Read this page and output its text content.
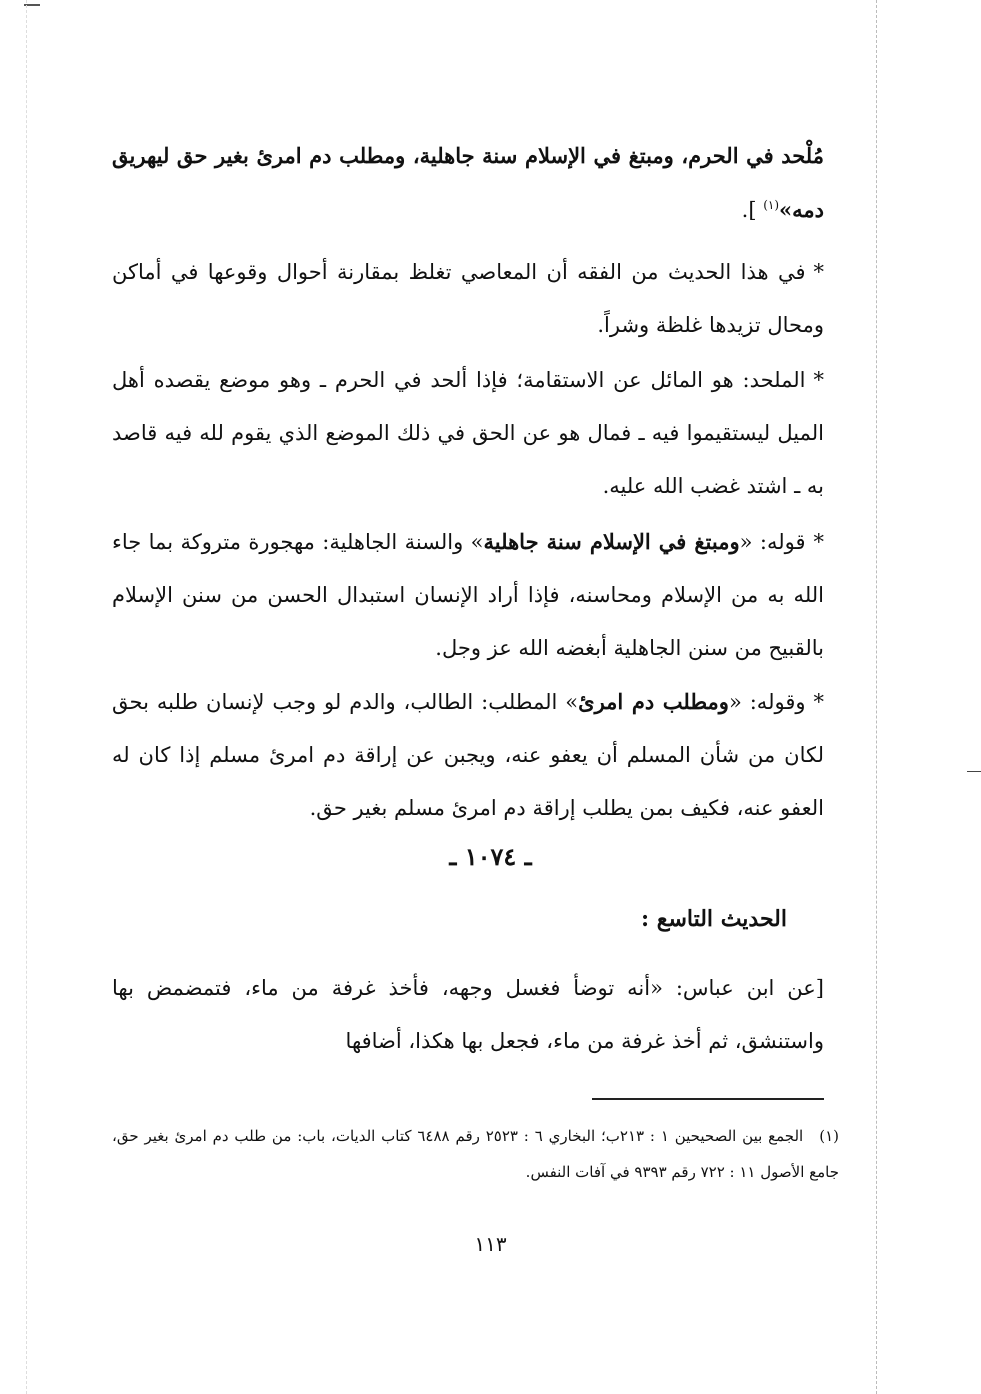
مُلْحد في الحرم، ومبتغ في الإسلام سنة جاهلية، ومطلب دم امرئ بغير حق ليهريق دمه»$^{(١)}$ ].
*في هذا الحديث من الفقه أن المعاصي تغلظ بمقارنة أحوال وقوعها في أماكن ومحال تزيدها غلظة وشراً.
*الملحد: هو المائل عن الاستقامة؛ فإذا ألحد في الحرم ـ وهو موضع يقصده أهل الميل ليستقيموا فيه ـ فمال هو عن الحق في ذلك الموضع الذي يقوم لله فيه قاصد به ـ اشتد غضب الله عليه.
*قوله: «ومبتغ في الإسلام سنة جاهلية» والسنة الجاهلية: مهجورة متروكة بما جاء الله به من الإسلام ومحاسنه، فإذا أراد الإنسان استبدال الحسن من سنن الإسلام بالقبيح من سنن الجاهلية أبغضه الله عز وجل.
*وقوله: «ومطلب دم امرئ» المطلب: الطالب، والدم لو وجب لإنسان طلبه بحق لكان من شأن المسلم أن يعفو عنه، ويجبن عن إراقة دم امرئ مسلم إذا كان له العفو عنه، فكيف بمن يطلب إراقة دم امرئ مسلم بغير حق.
ـ ١٠٧٤ ـ
الحديث التاسع :
[عن ابن عباس: «أنه توضأ فغسل وجهه، فأخذ غرفة من ماء، فتمضمض بها واستنشق، ثم أخذ غرفة من ماء، فجعل بها هكذا، أضافها
(١)الجمع بين الصحيحين ١ : ٢١٣ب؛ البخاري ٦ : ٢٥٢٣ رقم ٦٤٨٨ كتاب الديات، باب: من طلب دم امرئ بغير حق، جامع الأصول ١١ : ٧٢٢ رقم ٩٣٩٣ في آفات النفس.
١١٣
